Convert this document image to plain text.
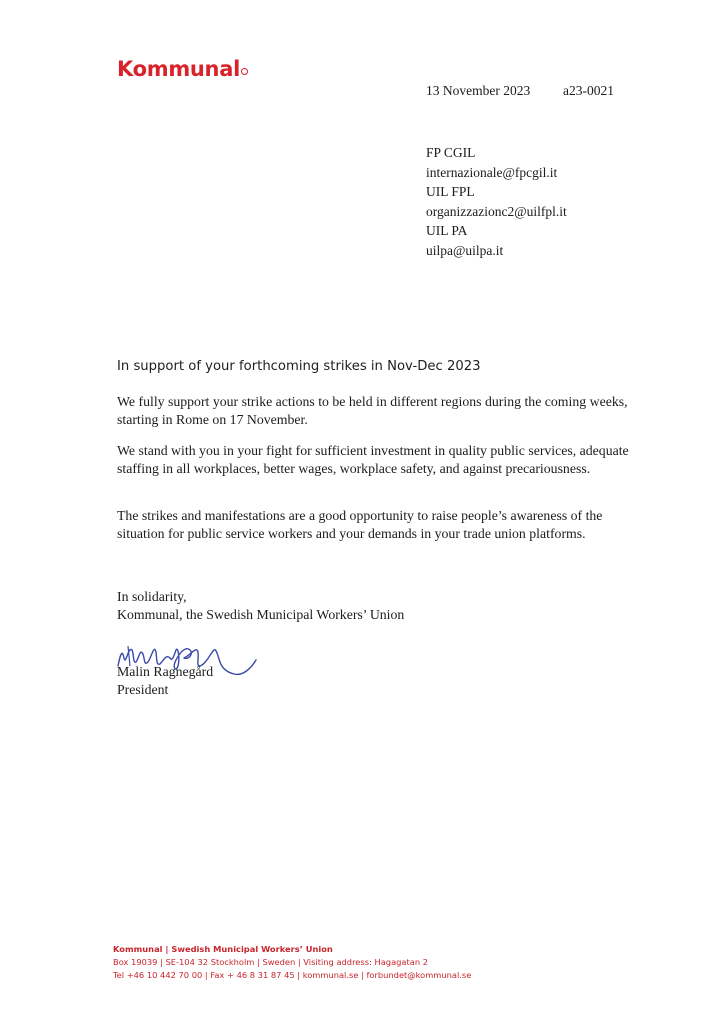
Kommunal
13 November 2023 a23-0021
FP CGIL
internazionale@fpcgil.it
UIL FPL
organizzazionc2@uilfpl.it
UIL PA
uilpa@uilpa.it
In support of your forthcoming strikes in Nov-Dec 2023

We fully support your strike actions to be held in different regions during the coming weeks, starting in Rome on 17 November.

We stand with you in your fight for sufficient investment in quality public services, adequate staffing in all workplaces, better wages, workplace safety, and against precariousness.

The strikes and manifestations are a good opportunity to raise people’s awareness of the situation for public service workers and your demands in your trade union platforms.

In solidarity,
Kommunal, the Swedish Municipal Workers’ Union
Malin Ragnegård
President
Kommunal | Swedish Municipal Workers’ Union
Box 19039 | SE-104 32 Stockholm | Sweden | Visiting address: Hagagatan 2
Tel +46 10 442 70 00 | Fax + 46 8 31 87 45 | kommunal.se | forbundet@kommunal.se
